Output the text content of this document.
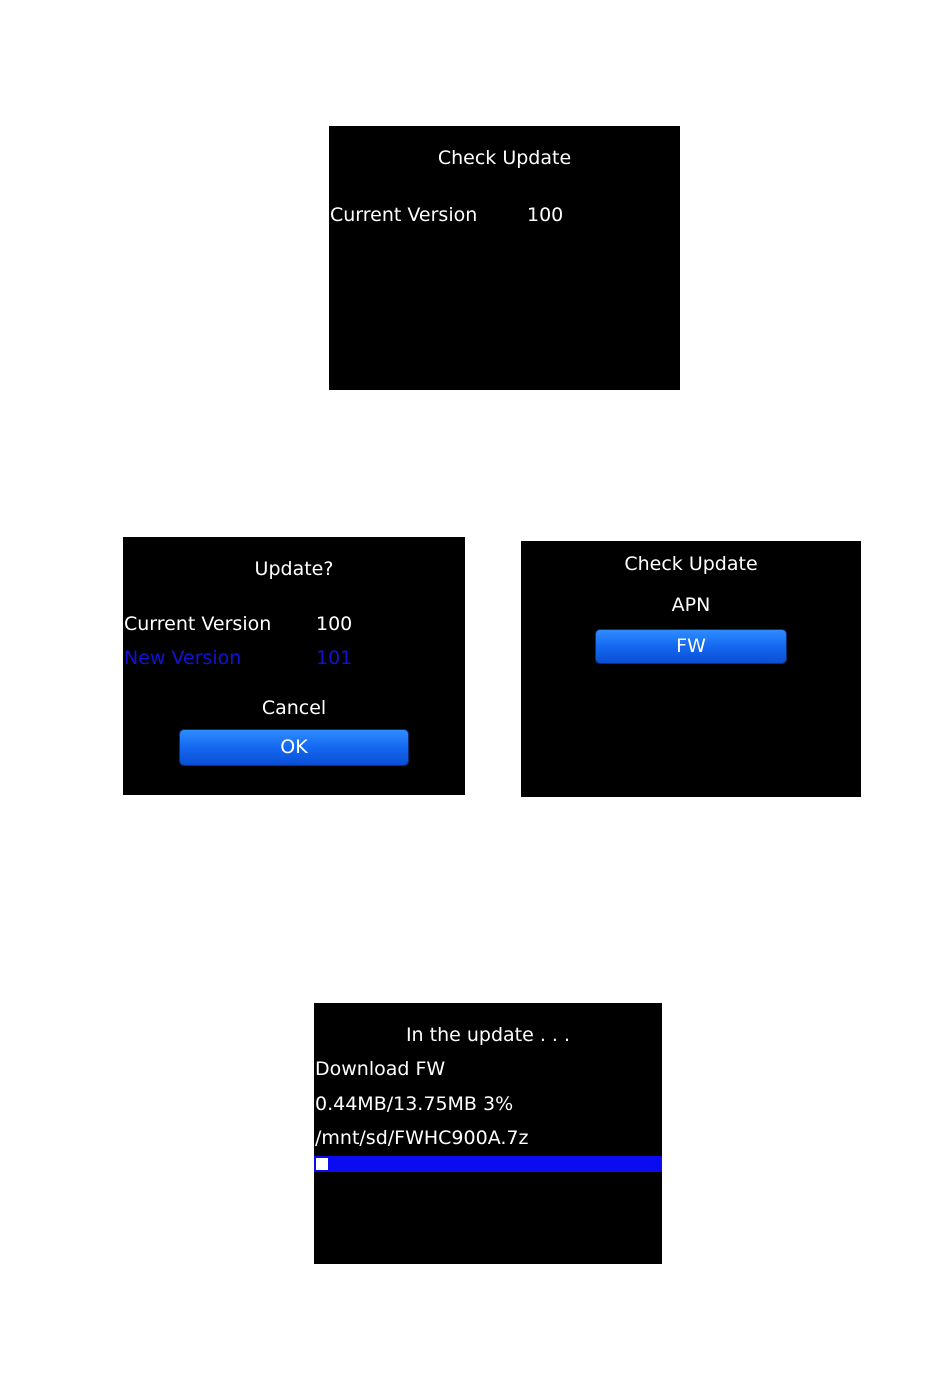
Check Update
Current Version	100
Update?
Current Version 100
New Version	101
Cancel
OK
Check Update
APN
FW
In the update . . .
Download FW
0.44MB/13.75MB 3%
/mnt/sd/FWHC900A.7z
